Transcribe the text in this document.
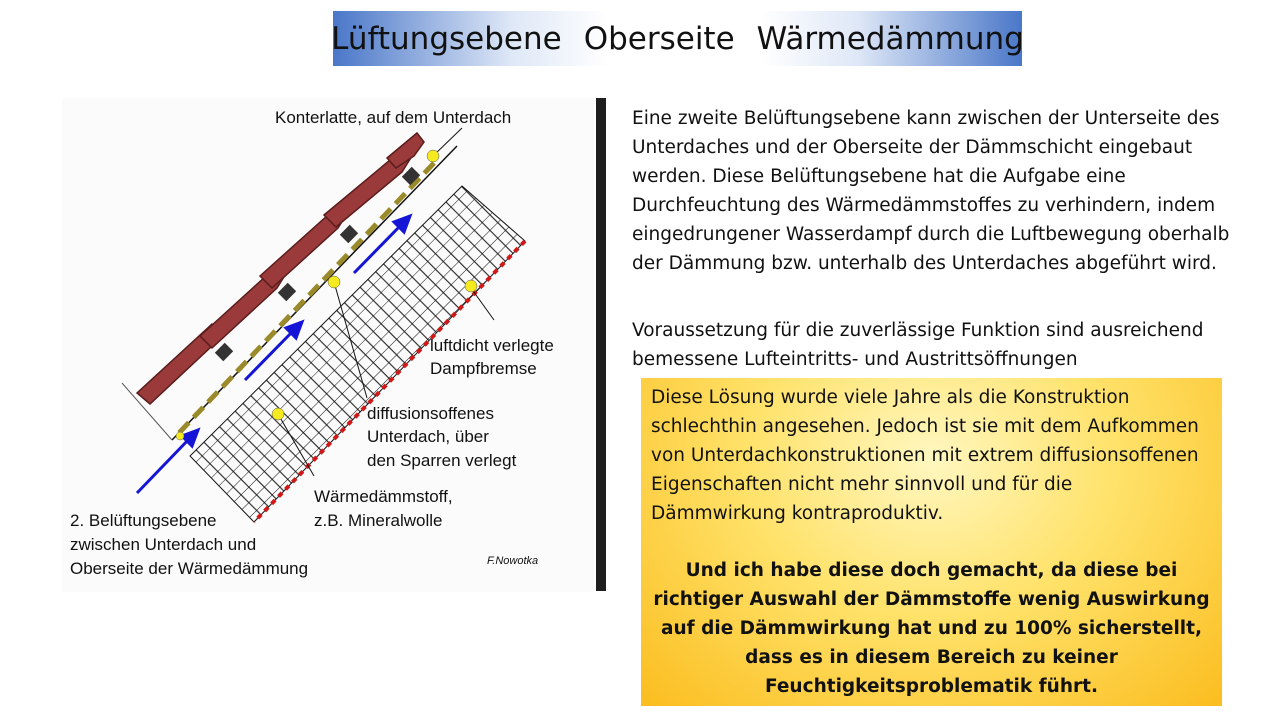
Lüftungsebene Oberseite Wärmedämmung
Konterlatte, auf dem Unterdach
luftdicht verlegte
Dampfbremse
diffusionsoffenes
Unterdach, über
den Sparren verlegt
Wärmedämmstoff,
z.B. Mineralwolle
2. Belüftungsebene
zwischen Unterdach und
Oberseite der Wärmedämmung	F.Nowotka
Eine zweite Belüftungsebene kann zwischen der Unterseite des Unterdaches und der Oberseite der Dämmschicht eingebaut werden. Diese Belüftungsebene hat die Aufgabe eine Durchfeuchtung des Wärmedämmstoffes zu verhindern, indem eingedrungener Wasserdampf durch die Luftbewegung oberhalb der Dämmung bzw. unterhalb des Unterdaches abgeführt wird.
Voraussetzung für die zuverlässige Funktion sind ausreichend bemessene Lufteintritts- und Austrittsöffnungen
Diese Lösung wurde viele Jahre als die Konstruktion schlechthin angesehen. Jedoch ist sie mit dem Aufkommen von Unterdachkonstruktionen mit extrem diffusionsoffenen Eigenschaften nicht mehr sinnvoll und für die Dämmwirkung kontraproduktiv.
Und ich habe diese doch gemacht, da diese bei richtiger Auswahl der Dämmstoffe wenig Auswirkung auf die Dämmwirkung hat und zu 100% sicherstellt, dass es in diesem Bereich zu keiner Feuchtigkeitsproblematik führt.
